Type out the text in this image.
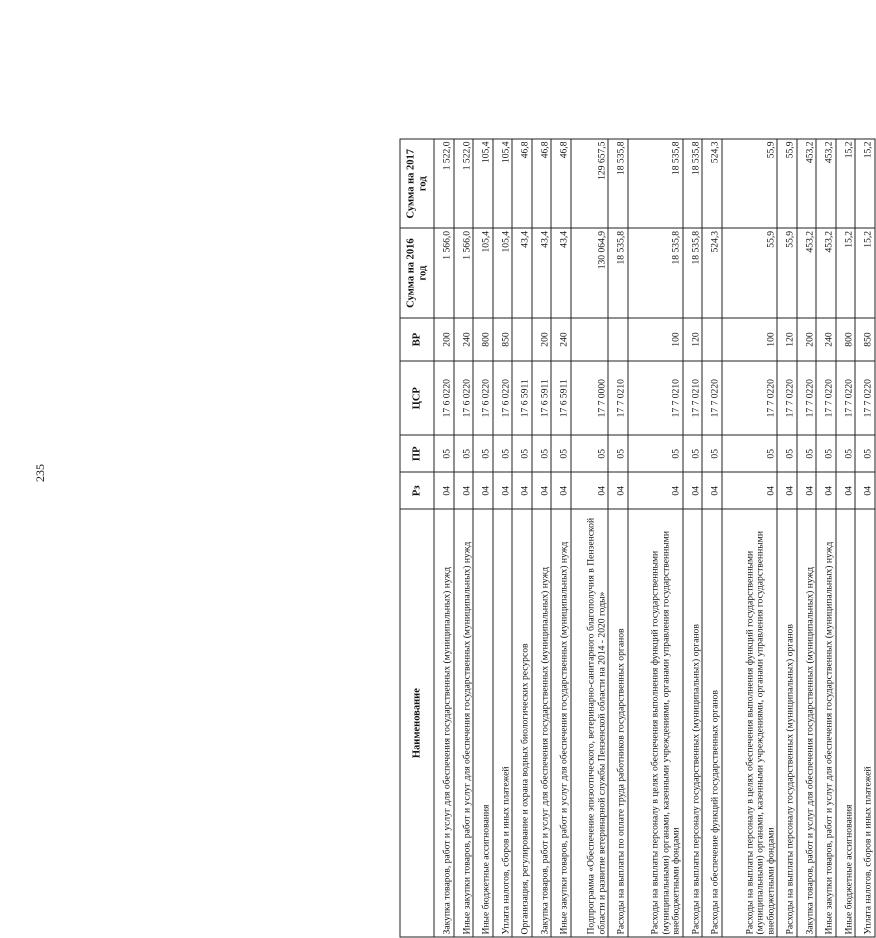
235
Наименование	Рз	ПР	ЦСР	ВР	Сумма на 2016 год	Сумма на 2017 год
Закупка товаров, работ и услуг для обеспечения государственных (муниципальных) нужд	04	05	17 6 0220	200	1 566,0	1 522,0
Иные закупки товаров, работ и услуг для обеспечения государственных (муниципальных) нужд	04	05	17 6 0220	240	1 566,0	1 522,0
Иные бюджетные ассигнования	04	05	17 6 0220	800	105,4	105,4
Уплата налогов, сборов и иных платежей	04	05	17 6 0220	850	105,4	105,4
Организация, регулирование и охрана водных биологических ресурсов	04	05	17 6 5911		43,4	46,8
Закупка товаров, работ и услуг для обеспечения государственных (муниципальных) нужд	04	05	17 6 5911	200	43,4	46,8
Иные закупки товаров, работ и услуг для обеспечения государственных (муниципальных) нужд	04	05	17 6 5911	240	43,4	46,8
Подпрограмма «Обеспечение эпизоотического, ветеринарно-санитарного благополучия в Пензенской области и развитие ветеринарной службы Пензенской области на 2014 - 2020 годы»	04	05	17 7 0000		130 064,9	129 657,5
Расходы на выплаты по оплате труда работников государственных органов	04	05	17 7 0210		18 535,8	18 535,8
Расходы на выплаты персоналу в целях обеспечения выполнения функций государственными (муниципальными) органами, казенными учреждениями, органами управления государственными внебюджетными фондами	04	05	17 7 0210	100	18 535,8	18 535,8
Расходы на выплаты персоналу государственных (муниципальных) органов	04	05	17 7 0210	120	18 535,8	18 535,8
Расходы на обеспечение функций государственных органов	04	05	17 7 0220		524,3	524,3
Расходы на выплаты персоналу в целях обеспечения выполнения функций государственными (муниципальными) органами, казенными учреждениями, органами управления государственными внебюджетными фондами	04	05	17 7 0220	100	55,9	55,9
Расходы на выплаты персоналу государственных (муниципальных) органов	04	05	17 7 0220	120	55,9	55,9
Закупка товаров, работ и услуг для обеспечения государственных (муниципальных) нужд	04	05	17 7 0220	200	453,2	453,2
Иные закупки товаров, работ и услуг для обеспечения государственных (муниципальных) нужд	04	05	17 7 0220	240	453,2	453,2
Иные бюджетные ассигнования	04	05	17 7 0220	800	15,2	15,2
Уплата налогов, сборов и иных платежей	04	05	17 7 0220	850	15,2	15,2
